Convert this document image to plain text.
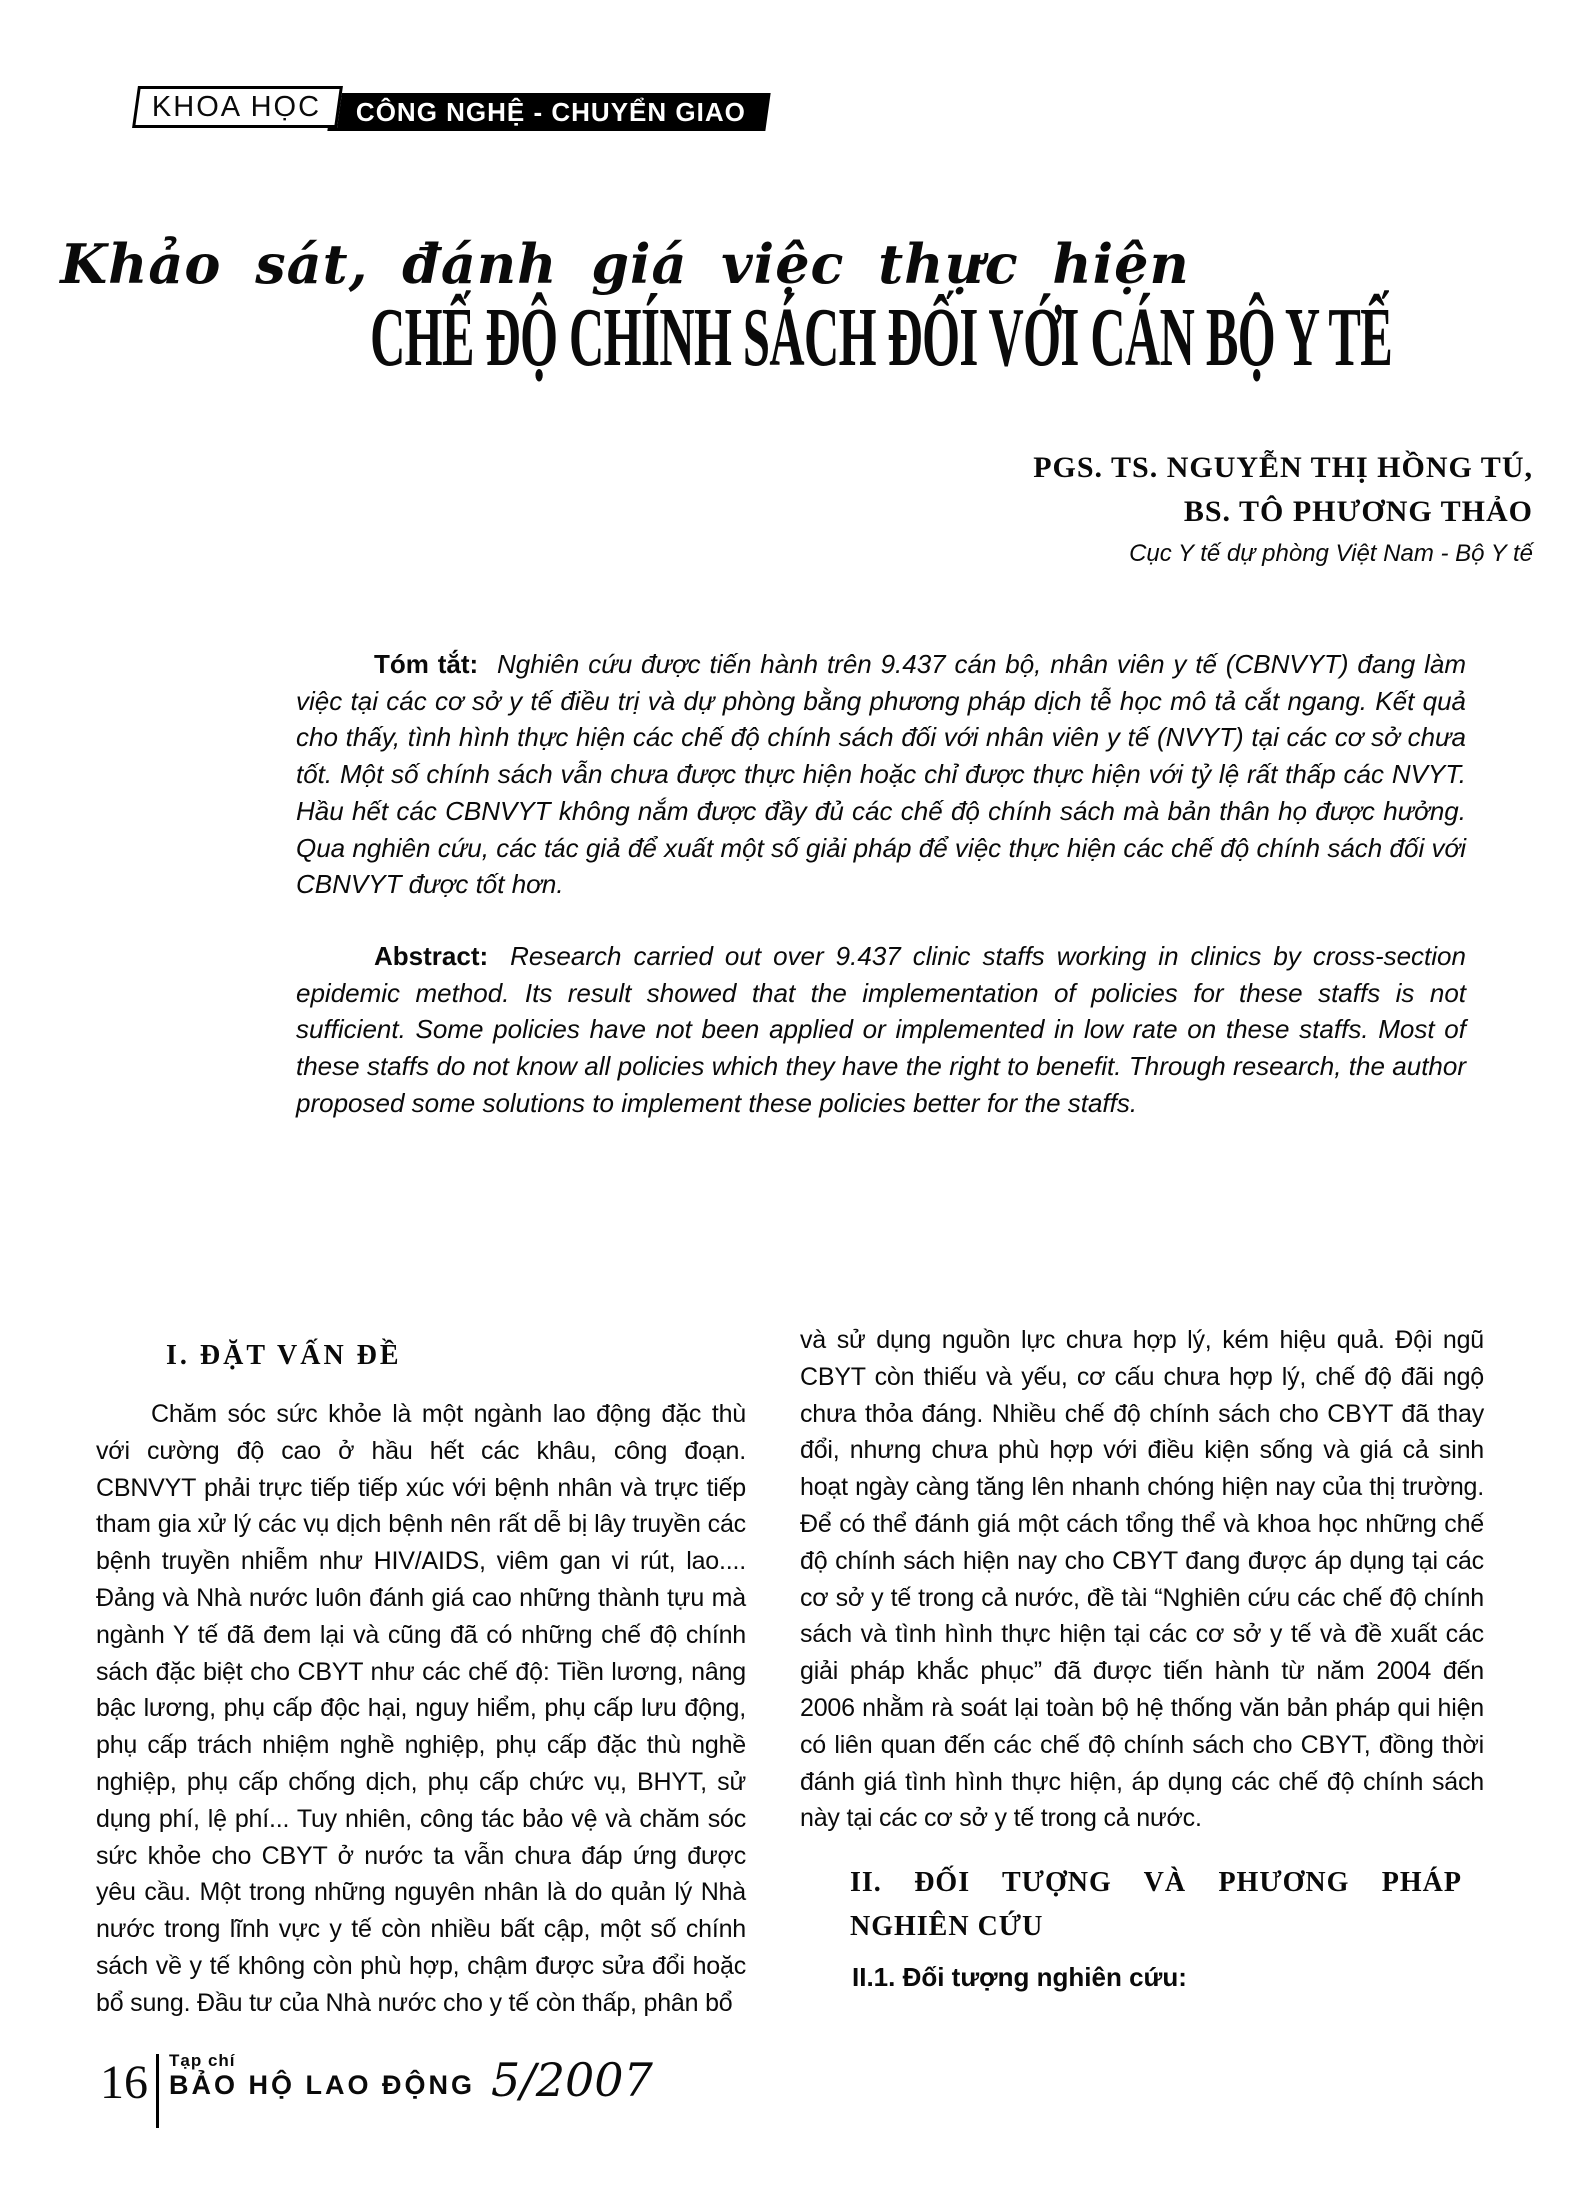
KHOA HỌC CÔNG NGHỆ - CHUYỂN GIAO
Khảo sát, đánh giá việc thực hiện
CHẾ ĐỘ CHÍNH SÁCH ĐỐI VỚI CÁN BỘ Y TẾ
PGS. TS. NGUYỄN THỊ HỒNG TÚ,
BS. TÔ PHƯƠNG THẢO
Cục Y tế dự phòng Việt Nam - Bộ Y tế

Tóm tắt: Nghiên cứu được tiến hành trên 9.437 cán bộ, nhân viên y tế (CBNVYT) đang làm việc tại các cơ sở y tế điều trị và dự phòng bằng phương pháp dịch tễ học mô tả cắt ngang. Kết quả cho thấy, tình hình thực hiện các chế độ chính sách đối với nhân viên y tế (NVYT) tại các cơ sở chưa tốt. Một số chính sách vẫn chưa được thực hiện hoặc chỉ được thực hiện với tỷ lệ rất thấp các NVYT. Hầu hết các CBNVYT không nắm được đầy đủ các chế độ chính sách mà bản thân họ được hưởng. Qua nghiên cứu, các tác giả để xuất một số giải pháp để việc thực hiện các chế độ chính sách đối với CBNVYT được tốt hơn.

Abstract: Research carried out over 9.437 clinic staffs working in clinics by cross-section epidemic method. Its result showed that the implementation of policies for these staffs is not sufficient. Some policies have not been applied or implemented in low rate on these staffs. Most of these staffs do not know all policies which they have the right to benefit. Through research, the author proposed some solutions to implement these policies better for the staffs.

I. ĐẶT VẤN ĐỀ

Chăm sóc sức khỏe là một ngành lao động đặc thù với cường độ cao ở hầu hết các khâu, công đoạn. CBNVYT phải trực tiếp tiếp xúc với bệnh nhân và trực tiếp tham gia xử lý các vụ dịch bệnh nên rất dễ bị lây truyền các bệnh truyền nhiễm như HIV/AIDS, viêm gan vi rút, lao.... Đảng và Nhà nước luôn đánh giá cao những thành tựu mà ngành Y tế đã đem lại và cũng đã có những chế độ chính sách đặc biệt cho CBYT như các chế độ: Tiền lương, nâng bậc lương, phụ cấp độc hại, nguy hiểm, phụ cấp lưu động, phụ cấp trách nhiệm nghề nghiệp, phụ cấp đặc thù nghề nghiệp, phụ cấp chống dịch, phụ cấp chức vụ, BHYT, sử dụng phí, lệ phí... Tuy nhiên, công tác bảo vệ và chăm sóc sức khỏe cho CBYT ở nước ta vẫn chưa đáp ứng được yêu cầu. Một trong những nguyên nhân là do quản lý Nhà nước trong lĩnh vực y tế còn nhiều bất cập, một số chính sách về y tế không còn phù hợp, chậm được sửa đổi hoặc bổ sung. Đầu tư của Nhà nước cho y tế còn thấp, phân bổ

và sử dụng nguồn lực chưa hợp lý, kém hiệu quả. Đội ngũ CBYT còn thiếu và yếu, cơ cấu chưa hợp lý, chế độ đãi ngộ chưa thỏa đáng. Nhiều chế độ chính sách cho CBYT đã thay đổi, nhưng chưa phù hợp với điều kiện sống và giá cả sinh hoạt ngày càng tăng lên nhanh chóng hiện nay của thị trường. Để có thể đánh giá một cách tổng thể và khoa học những chế độ chính sách hiện nay cho CBYT đang được áp dụng tại các cơ sở y tế trong cả nước, đề tài “Nghiên cứu các chế độ chính sách và tình hình thực hiện tại các cơ sở y tế và đề xuất các giải pháp khắc phục” đã được tiến hành từ năm 2004 đến 2006 nhằm rà soát lại toàn bộ hệ thống văn bản pháp qui hiện có liên quan đến các chế độ chính sách cho CBYT, đồng thời đánh giá tình hình thực hiện, áp dụng các chế độ chính sách này tại các cơ sở y tế trong cả nước.

II. ĐỐI TƯỢNG VÀ PHƯƠNG PHÁP NGHIÊN CỨU
II.1. Đối tượng nghiên cứu:
16 Tạp chí
BẢO HỘ LAO ĐỘNG 5/2007
